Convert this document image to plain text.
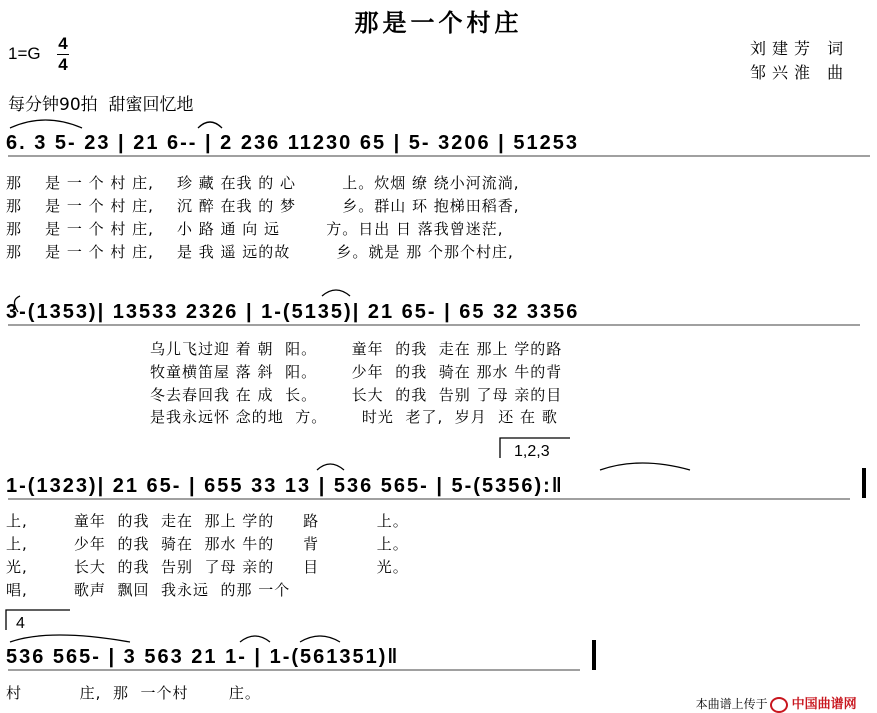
那是一个村庄
$1=G \frac{4}{4}$	刘建芳 词
邹兴淮 曲
每分钟90拍  甜蜜回忆地
6. 3 5- 23 | 21 6-- | 2 236 11230 65 | 5- 3206 | 51253
那    是 一 个 村 庄,    珍 藏 在我 的 心        上。炊烟 缭 绕小河流淌,
那    是 一 个 村 庄,    沉 醉 在我 的 梦        乡。群山 环 抱梯田稻香,
那    是 一 个 村 庄,    小 路 通 向 远        方。日出 日 落我曾迷茫,
那    是 一 个 村 庄,    是 我 遥 远的故        乡。就是 那 个那个村庄,
3-(1353)| 13533 2326 | 1-(5135)| 21 65- | 65 32 3356
乌儿飞过迎 着 朝  阳。      童年  的我  走在 那上 学的路
牧童横笛屋 落 斜  阳。      少年  的我  骑在 那水 牛的背
冬去春回我 在 成  长。      长大  的我  告别 了母 亲的目
是我永远怀 念的地  方。      时光  老了,  岁月  还 在 歌
1,2,3
1-(1323)| 21 65- | 655 33 13 | 536 565- | 5-(5356):‖
上,        童年  的我  走在  那上 学的     路          上。
上,        少年  的我  骑在  那水 牛的     背          上。
光,        长大  的我  告别  了母 亲的     目          光。
唱,        歌声  飘回  我永远  的那 一个
4
536 565- | 3 563 21 1- | 1-(561351)‖
村          庄,  那  一个村       庄。

本曲谱上传于 中国曲谱网
